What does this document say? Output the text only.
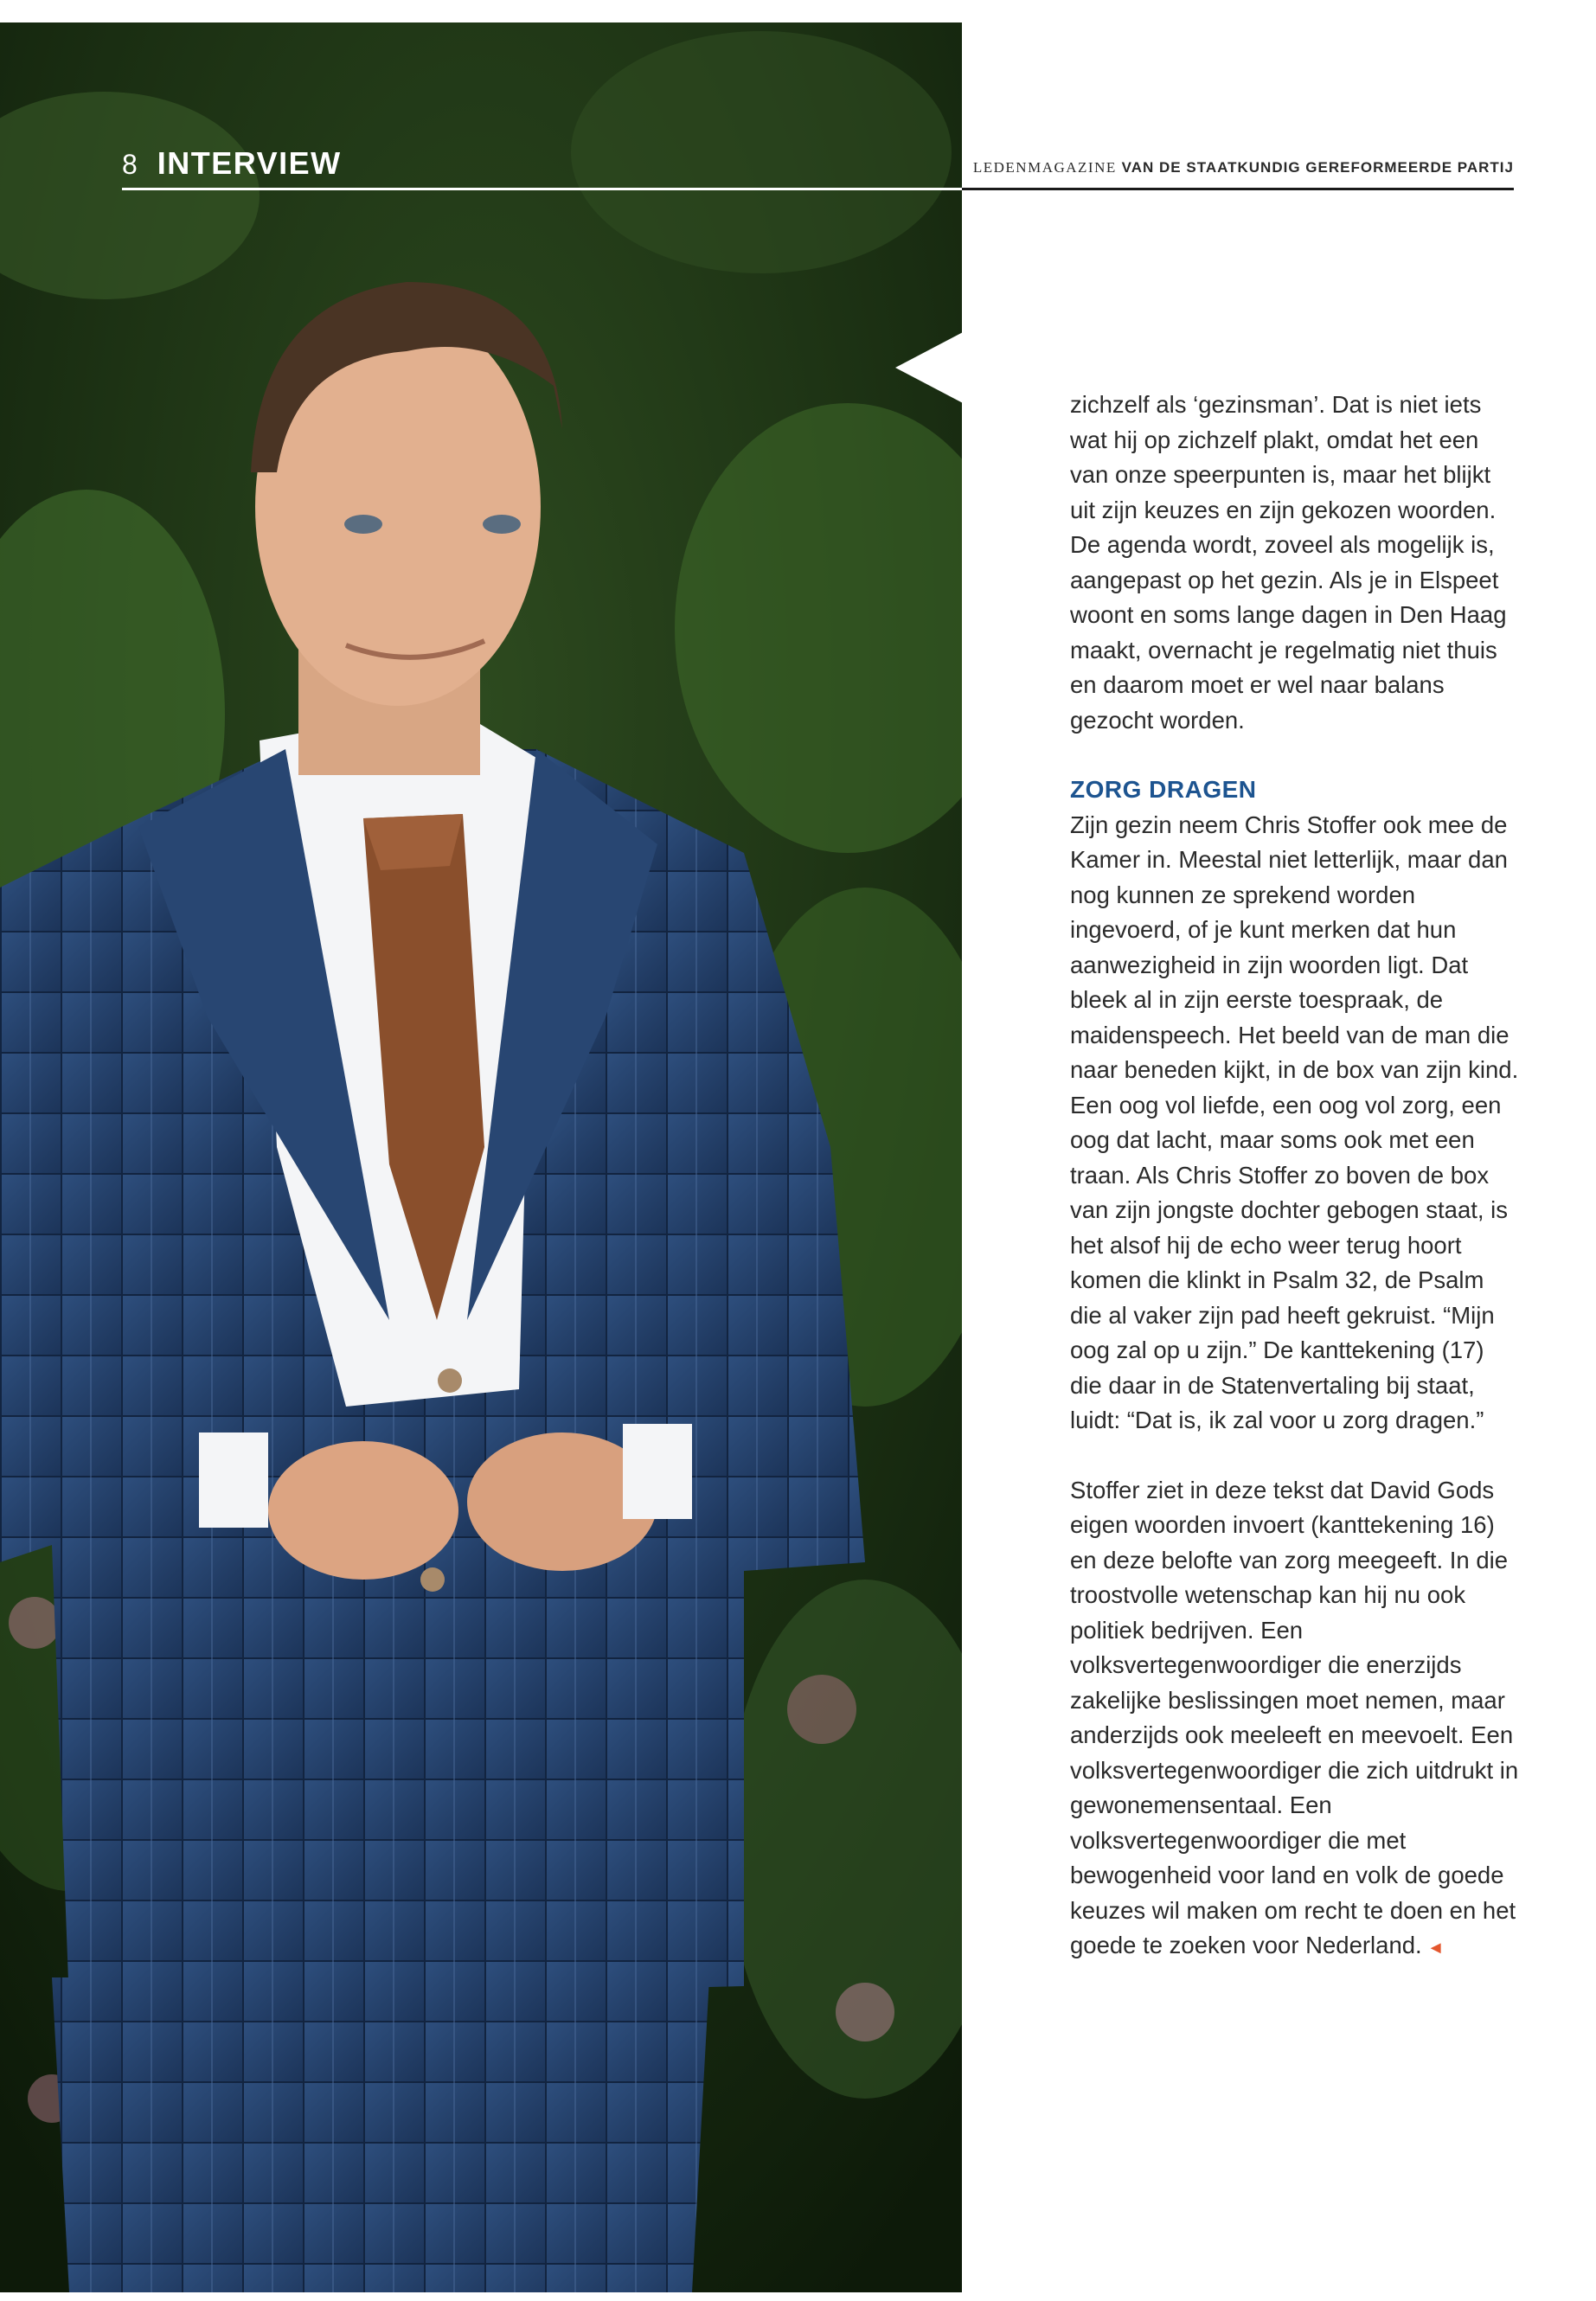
8 INTERVIEW	LEDENMAGAZINE VAN DE STAATKUNDIG GEREFORMEERDE PARTIJ

zichzelf als ‘gezinsman’. Dat is niet iets wat hij op zichzelf plakt, omdat het een van onze speerpunten is, maar het blijkt uit zijn keuzes en zijn gekozen woorden. De agenda wordt, zoveel als mogelijk is, aangepast op het gezin. Als je in Elspeet woont en soms lange dagen in Den Haag maakt, overnacht je regelmatig niet thuis en daarom moet er wel naar balans gezocht worden.

ZORG DRAGEN

Zijn gezin neem Chris Stoffer ook mee de Kamer in. Meestal niet letterlijk, maar dan nog kunnen ze sprekend worden ingevoerd, of je kunt merken dat hun aanwezigheid in zijn woorden ligt. Dat bleek al in zijn eerste toespraak, de maidenspeech. Het beeld van de man die naar beneden kijkt, in de box van zijn kind. Een oog vol liefde, een oog vol zorg, een oog dat lacht, maar soms ook met een traan. Als Chris Stoffer zo boven de box van zijn jongste dochter gebogen staat, is het alsof hij de echo weer terug hoort komen die klinkt in Psalm 32, de Psalm die al vaker zijn pad heeft gekruist. “Mijn oog zal op u zijn.” De kanttekening (17) die daar in de Statenvertaling bij staat, luidt: “Dat is, ik zal voor u zorg dragen.”

Stoffer ziet in deze tekst dat David Gods eigen woorden invoert (kanttekening 16) en deze belofte van zorg meegeeft. In die troostvolle wetenschap kan hij nu ook politiek bedrijven. Een volksvertegenwoordiger die enerzijds zakelijke beslissingen moet nemen, maar anderzijds ook meeleeft en meevoelt. Een volksvertegenwoordiger die zich uitdrukt in gewonemensentaal. Een volksvertegenwoordiger die met bewogenheid voor land en volk de goede keuzes wil maken om recht te doen en het goede te zoeken voor Nederland. ◄
